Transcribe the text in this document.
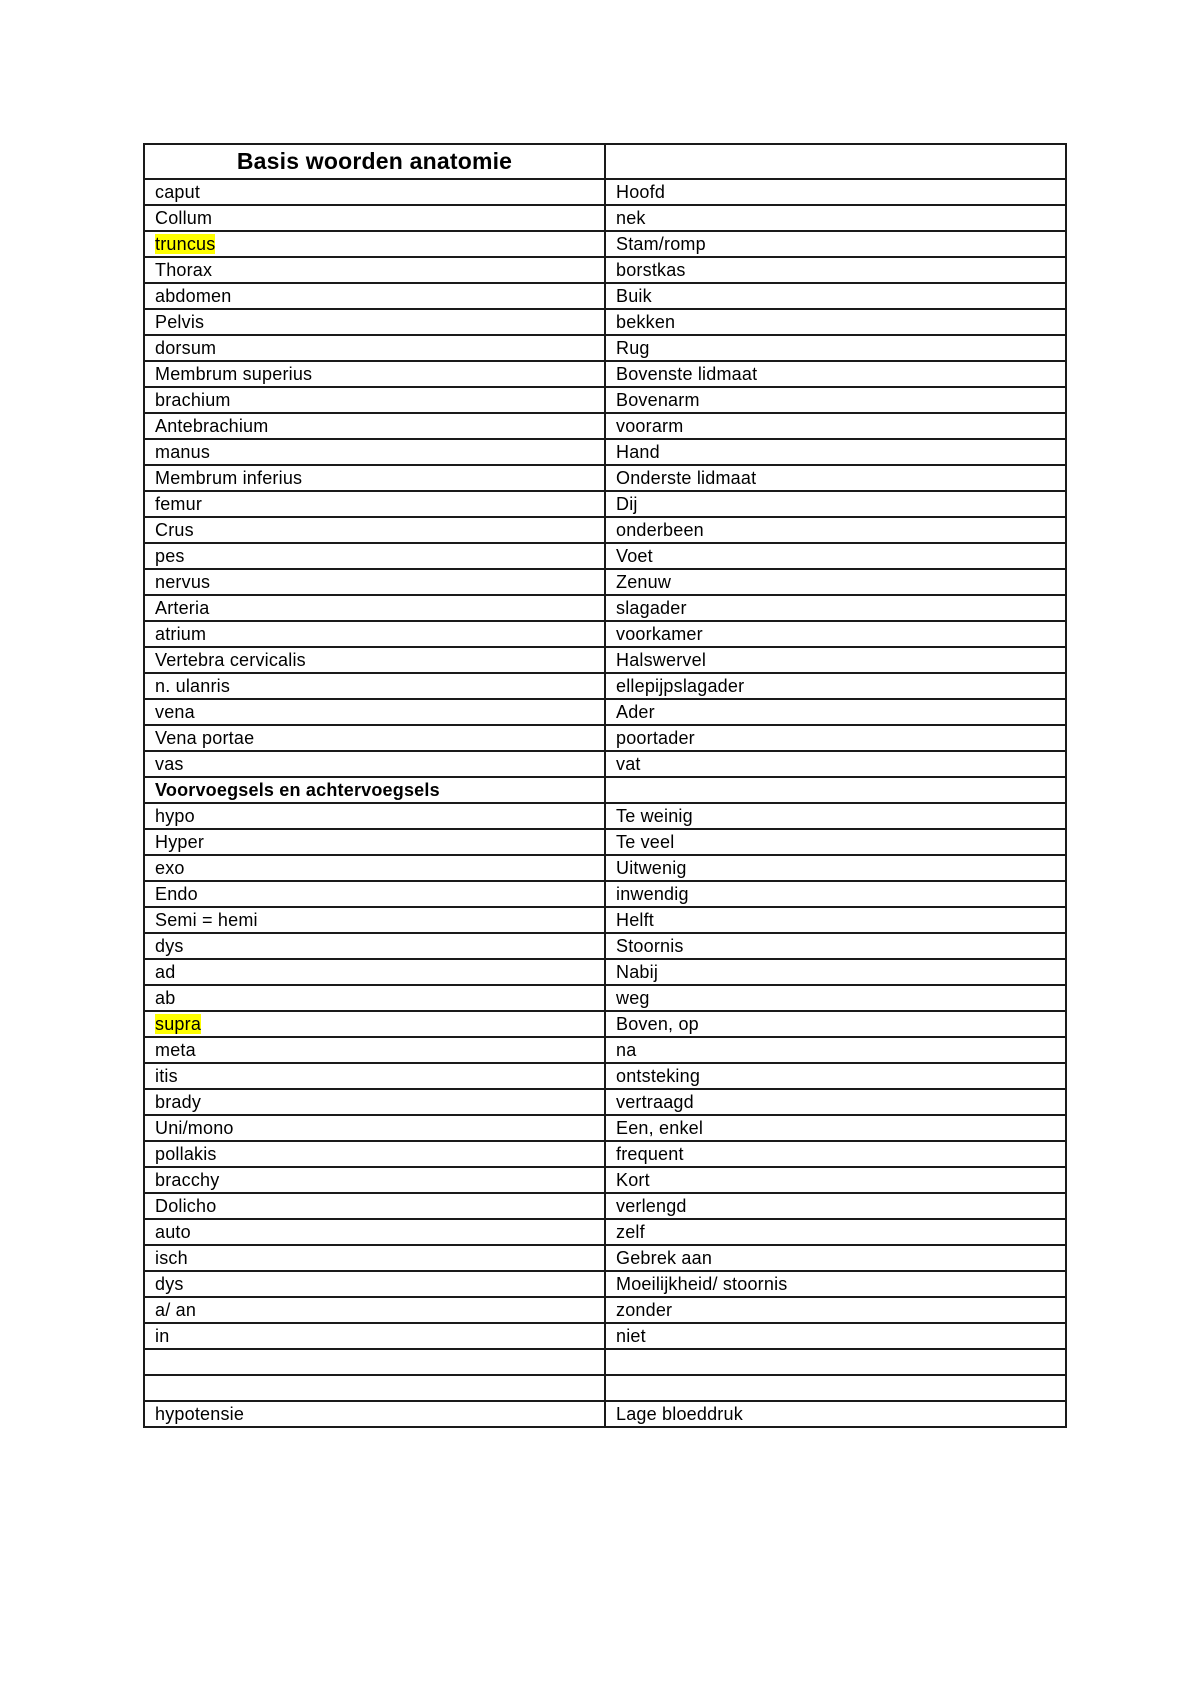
Basis woorden anatomie	
caput	Hoofd
Collum	nek
truncus	Stam/romp
Thorax	borstkas
abdomen	Buik
Pelvis	bekken
dorsum	Rug
Membrum superius	Bovenste lidmaat
brachium	Bovenarm
Antebrachium	voorarm
manus	Hand
Membrum inferius	Onderste lidmaat
femur	Dij
Crus	onderbeen
pes	Voet
nervus	Zenuw
Arteria	slagader
atrium	voorkamer
Vertebra cervicalis	Halswervel
n. ulanris	ellepijpslagader
vena	Ader
Vena portae	poortader
vas	vat
Voorvoegsels en achtervoegsels	
hypo	Te weinig
Hyper	Te veel
exo	Uitwenig
Endo	inwendig
Semi = hemi	Helft
dys	Stoornis
ad	Nabij
ab	weg
supra	Boven, op
meta	na
itis	ontsteking
brady	vertraagd
Uni/mono	Een, enkel
pollakis	frequent
bracchy	Kort
Dolicho	verlengd
auto	zelf
isch	Gebrek aan
dys	Moeilijkheid/ stoornis
a/ an	zonder
in	niet

hypotensie	Lage bloeddruk
